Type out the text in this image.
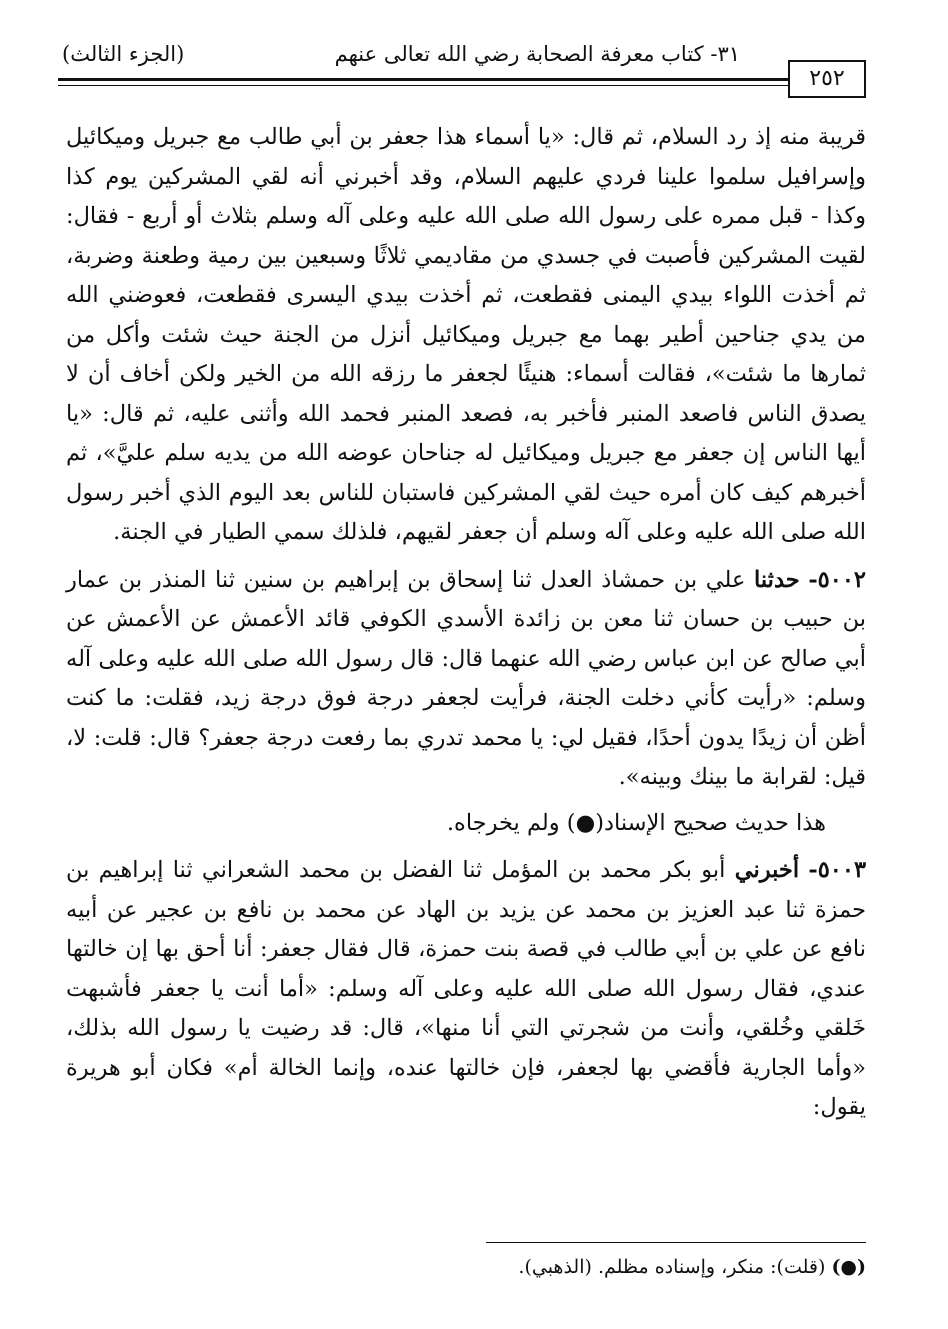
٣١- كتاب معرفة الصحابة رضي الله تعالى عنهم
(الجزء الثالث)
٢٥٢

قريبة منه إذ رد السلام، ثم قال: «يا أسماء هذا جعفر بن أبي طالب مع جبريل وميكائيل وإسرافيل سلموا علينا فردي عليهم السلام، وقد أخبرني أنه لقي المشركين يوم كذا وكذا - قبل ممره على رسول الله صلى الله عليه وعلى آله وسلم بثلاث أو أربع - فقال: لقيت المشركين فأصبت في جسدي من مقاديمي ثلاثًا وسبعين بين رمية وطعنة وضربة، ثم أخذت اللواء بيدي اليمنى فقطعت، ثم أخذت بيدي اليسرى فقطعت، فعوضني الله من يدي جناحين أطير بهما مع جبريل وميكائيل أنزل من الجنة حيث شئت وأكل من ثمارها ما شئت»، فقالت أسماء: هنيئًا لجعفر ما رزقه الله من الخير ولكن أخاف أن لا يصدق الناس فاصعد المنبر فأخبر به، فصعد المنبر فحمد الله وأثنى عليه، ثم قال: «يا أيها الناس إن جعفر مع جبريل وميكائيل له جناحان عوضه الله من يديه سلم عليَّ»، ثم أخبرهم كيف كان أمره حيث لقي المشركين فاستبان للناس بعد اليوم الذي أخبر رسول الله صلى الله عليه وعلى آله وسلم أن جعفر لقيهم، فلذلك سمي الطيار في الجنة.

٥٠٠٢- حدثنا علي بن حمشاذ العدل ثنا إسحاق بن إبراهيم بن سنين ثنا المنذر بن عمار بن حبيب بن حسان ثنا معن بن زائدة الأسدي الكوفي قائد الأعمش عن الأعمش عن أبي صالح عن ابن عباس رضي الله عنهما قال: قال رسول الله صلى الله عليه وعلى آله وسلم: «رأيت كأني دخلت الجنة، فرأيت لجعفر درجة فوق درجة زيد، فقلت: ما كنت أظن أن زيدًا يدون أحدًا، فقيل لي: يا محمد تدري بما رفعت درجة جعفر؟ قال: قلت: لا، قيل: لقرابة ما بينك وبينه».

هذا حديث صحيح الإسناد(●) ولم يخرجاه.

٥٠٠٣- أخبرني أبو بكر محمد بن المؤمل ثنا الفضل بن محمد الشعراني ثنا إبراهيم بن حمزة ثنا عبد العزيز بن محمد عن يزيد بن الهاد عن محمد بن نافع بن عجير عن أبيه نافع عن علي بن أبي طالب في قصة بنت حمزة، قال فقال جعفر: أنا أحق بها إن خالتها عندي، فقال رسول الله صلى الله عليه وعلى آله وسلم: «أما أنت يا جعفر فأشبهت خَلقي وخُلقي، وأنت من شجرتي التي أنا منها»، قال: قد رضيت يا رسول الله بذلك، «وأما الجارية فأقضي بها لجعفر، فإن خالتها عنده، وإنما الخالة أم» فكان أبو هريرة يقول:

(●) (قلت): منكر، وإسناده مظلم. (الذهبي).
